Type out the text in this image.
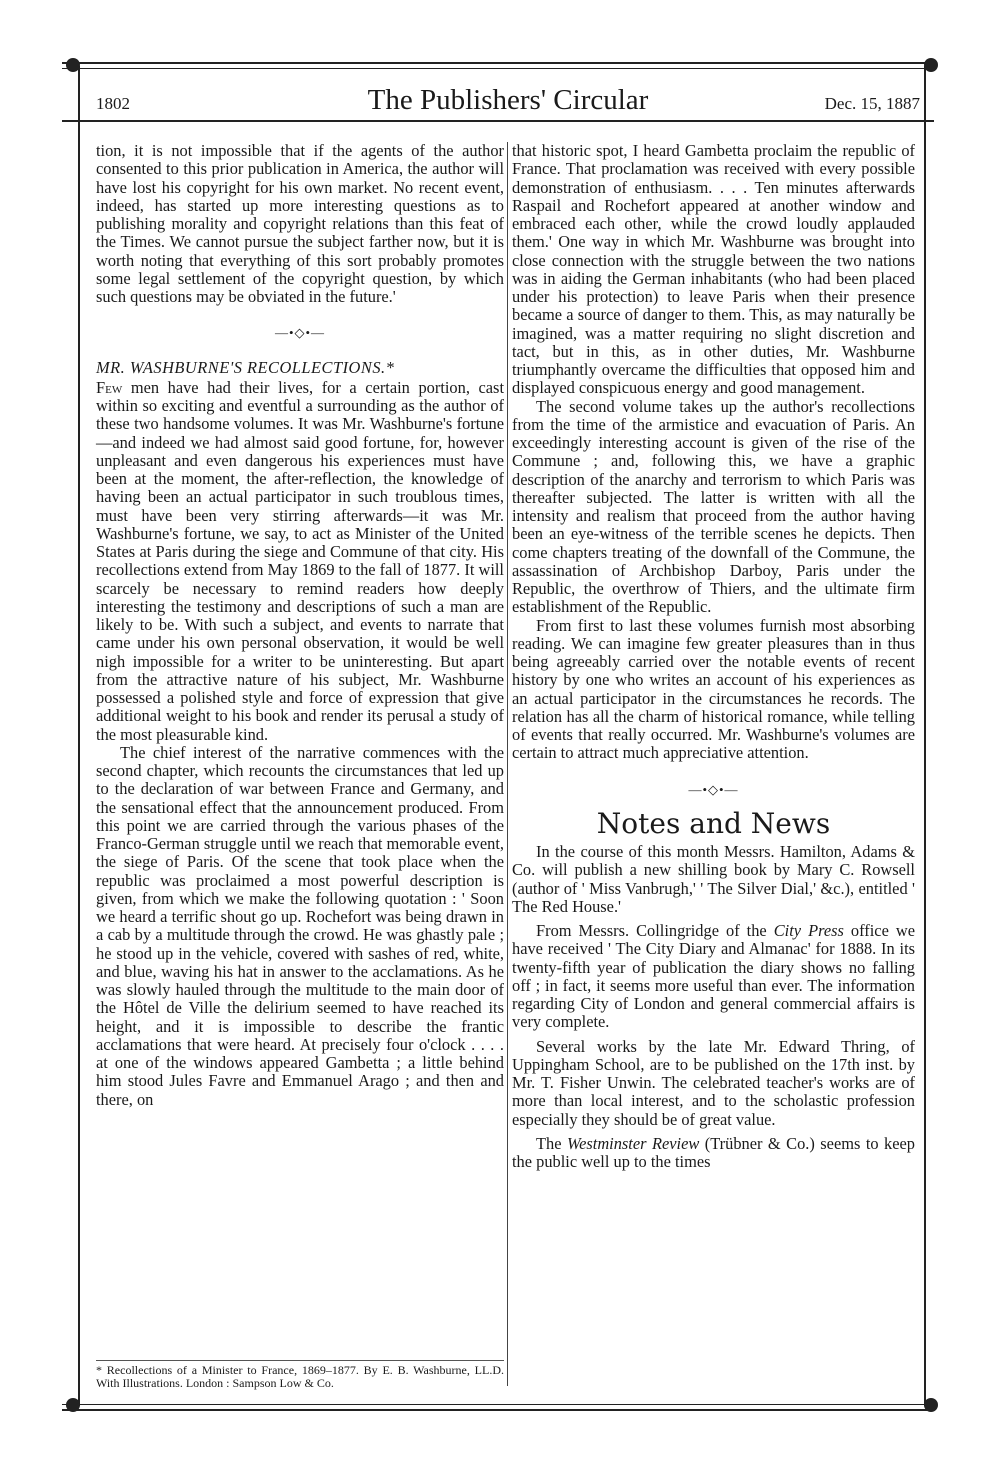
1802	The Publishers' Circular	Dec. 15, 1887

tion, it is not impossible that if the agents of the author consented to this prior publication in America, the author will have lost his copyright for his own market. No recent event, indeed, has started up more interesting questions as to publishing morality and copyright relations than this feat of the Times. We cannot pursue the subject farther now, but it is worth noting that everything of this sort probably promotes some legal settlement of the copyright question, by which such questions may be obviated in the future.'

—•◇•—
MR. WASHBURNE'S RECOLLECTIONS.*

Few men have had their lives, for a certain portion, cast within so exciting and eventful a surrounding as the author of these two handsome volumes. It was Mr. Washburne's fortune—and indeed we had almost said good fortune, for, however unpleasant and even dangerous his experiences must have been at the moment, the after-reflection, the knowledge of having been an actual participator in such troublous times, must have been very stirring afterwards—it was Mr. Washburne's fortune, we say, to act as Minister of the United States at Paris during the siege and Commune of that city. His recollections extend from May 1869 to the fall of 1877. It will scarcely be necessary to remind readers how deeply interesting the testimony and descriptions of such a man are likely to be. With such a subject, and events to narrate that came under his own personal observation, it would be well nigh impossible for a writer to be uninteresting. But apart from the attractive nature of his subject, Mr. Washburne possessed a polished style and force of expression that give additional weight to his book and render its perusal a study of the most pleasurable kind.

The chief interest of the narrative commences with the second chapter, which recounts the circumstances that led up to the declaration of war between France and Germany, and the sensational effect that the announcement produced. From this point we are carried through the various phases of the Franco-German struggle until we reach that memorable event, the siege of Paris. Of the scene that took place when the republic was proclaimed a most powerful description is given, from which we make the following quotation : ' Soon we heard a terrific shout go up. Rochefort was being drawn in a cab by a multitude through the crowd. He was ghastly pale ; he stood up in the vehicle, covered with sashes of red, white, and blue, waving his hat in answer to the acclamations. As he was slowly hauled through the multitude to the main door of the Hôtel de Ville the delirium seemed to have reached its height, and it is impossible to describe the frantic acclamations that were heard. At precisely four o'clock . . . . at one of the windows appeared Gambetta ; a little behind him stood Jules Favre and Emmanuel Arago ; and then and there, on

* Recollections of a Minister to France, 1869–1877. By E. B. Washburne, LL.D. With Illustrations. London : Sampson Low & Co.

that historic spot, I heard Gambetta proclaim the republic of France. That proclamation was received with every possible demonstration of enthusiasm. . . . Ten minutes afterwards Raspail and Rochefort appeared at another window and embraced each other, while the crowd loudly applauded them.' One way in which Mr. Washburne was brought into close connection with the struggle between the two nations was in aiding the German inhabitants (who had been placed under his protection) to leave Paris when their presence became a source of danger to them. This, as may naturally be imagined, was a matter requiring no slight discretion and tact, but in this, as in other duties, Mr. Washburne triumphantly overcame the difficulties that opposed him and displayed conspicuous energy and good management.

The second volume takes up the author's recollections from the time of the armistice and evacuation of Paris. An exceedingly interesting account is given of the rise of the Commune ; and, following this, we have a graphic description of the anarchy and terrorism to which Paris was thereafter subjected. The latter is written with all the intensity and realism that proceed from the author having been an eye-witness of the terrible scenes he depicts. Then come chapters treating of the downfall of the Commune, the assassination of Archbishop Darboy, Paris under the Republic, the overthrow of Thiers, and the ultimate firm establishment of the Republic.

From first to last these volumes furnish most absorbing reading. We can imagine few greater pleasures than in thus being agreeably carried over the notable events of recent history by one who writes an account of his experiences as an actual participator in the circumstances he records. The relation has all the charm of historical romance, while telling of events that really occurred. Mr. Washburne's volumes are certain to attract much appreciative attention.

—•◇•—
Notes and News

In the course of this month Messrs. Hamilton, Adams & Co. will publish a new shilling book by Mary C. Rowsell (author of ' Miss Vanbrugh,' ' The Silver Dial,' &c.), entitled ' The Red House.'

From Messrs. Collingridge of the City Press office we have received ' The City Diary and Almanac' for 1888. In its twenty-fifth year of publication the diary shows no falling off ; in fact, it seems more useful than ever. The information regarding City of London and general commercial affairs is very complete.

Several works by the late Mr. Edward Thring, of Uppingham School, are to be published on the 17th inst. by Mr. T. Fisher Unwin. The celebrated teacher's works are of more than local interest, and to the scholastic profession especially they should be of great value.

The Westminster Review (Trübner & Co.) seems to keep the public well up to the times
